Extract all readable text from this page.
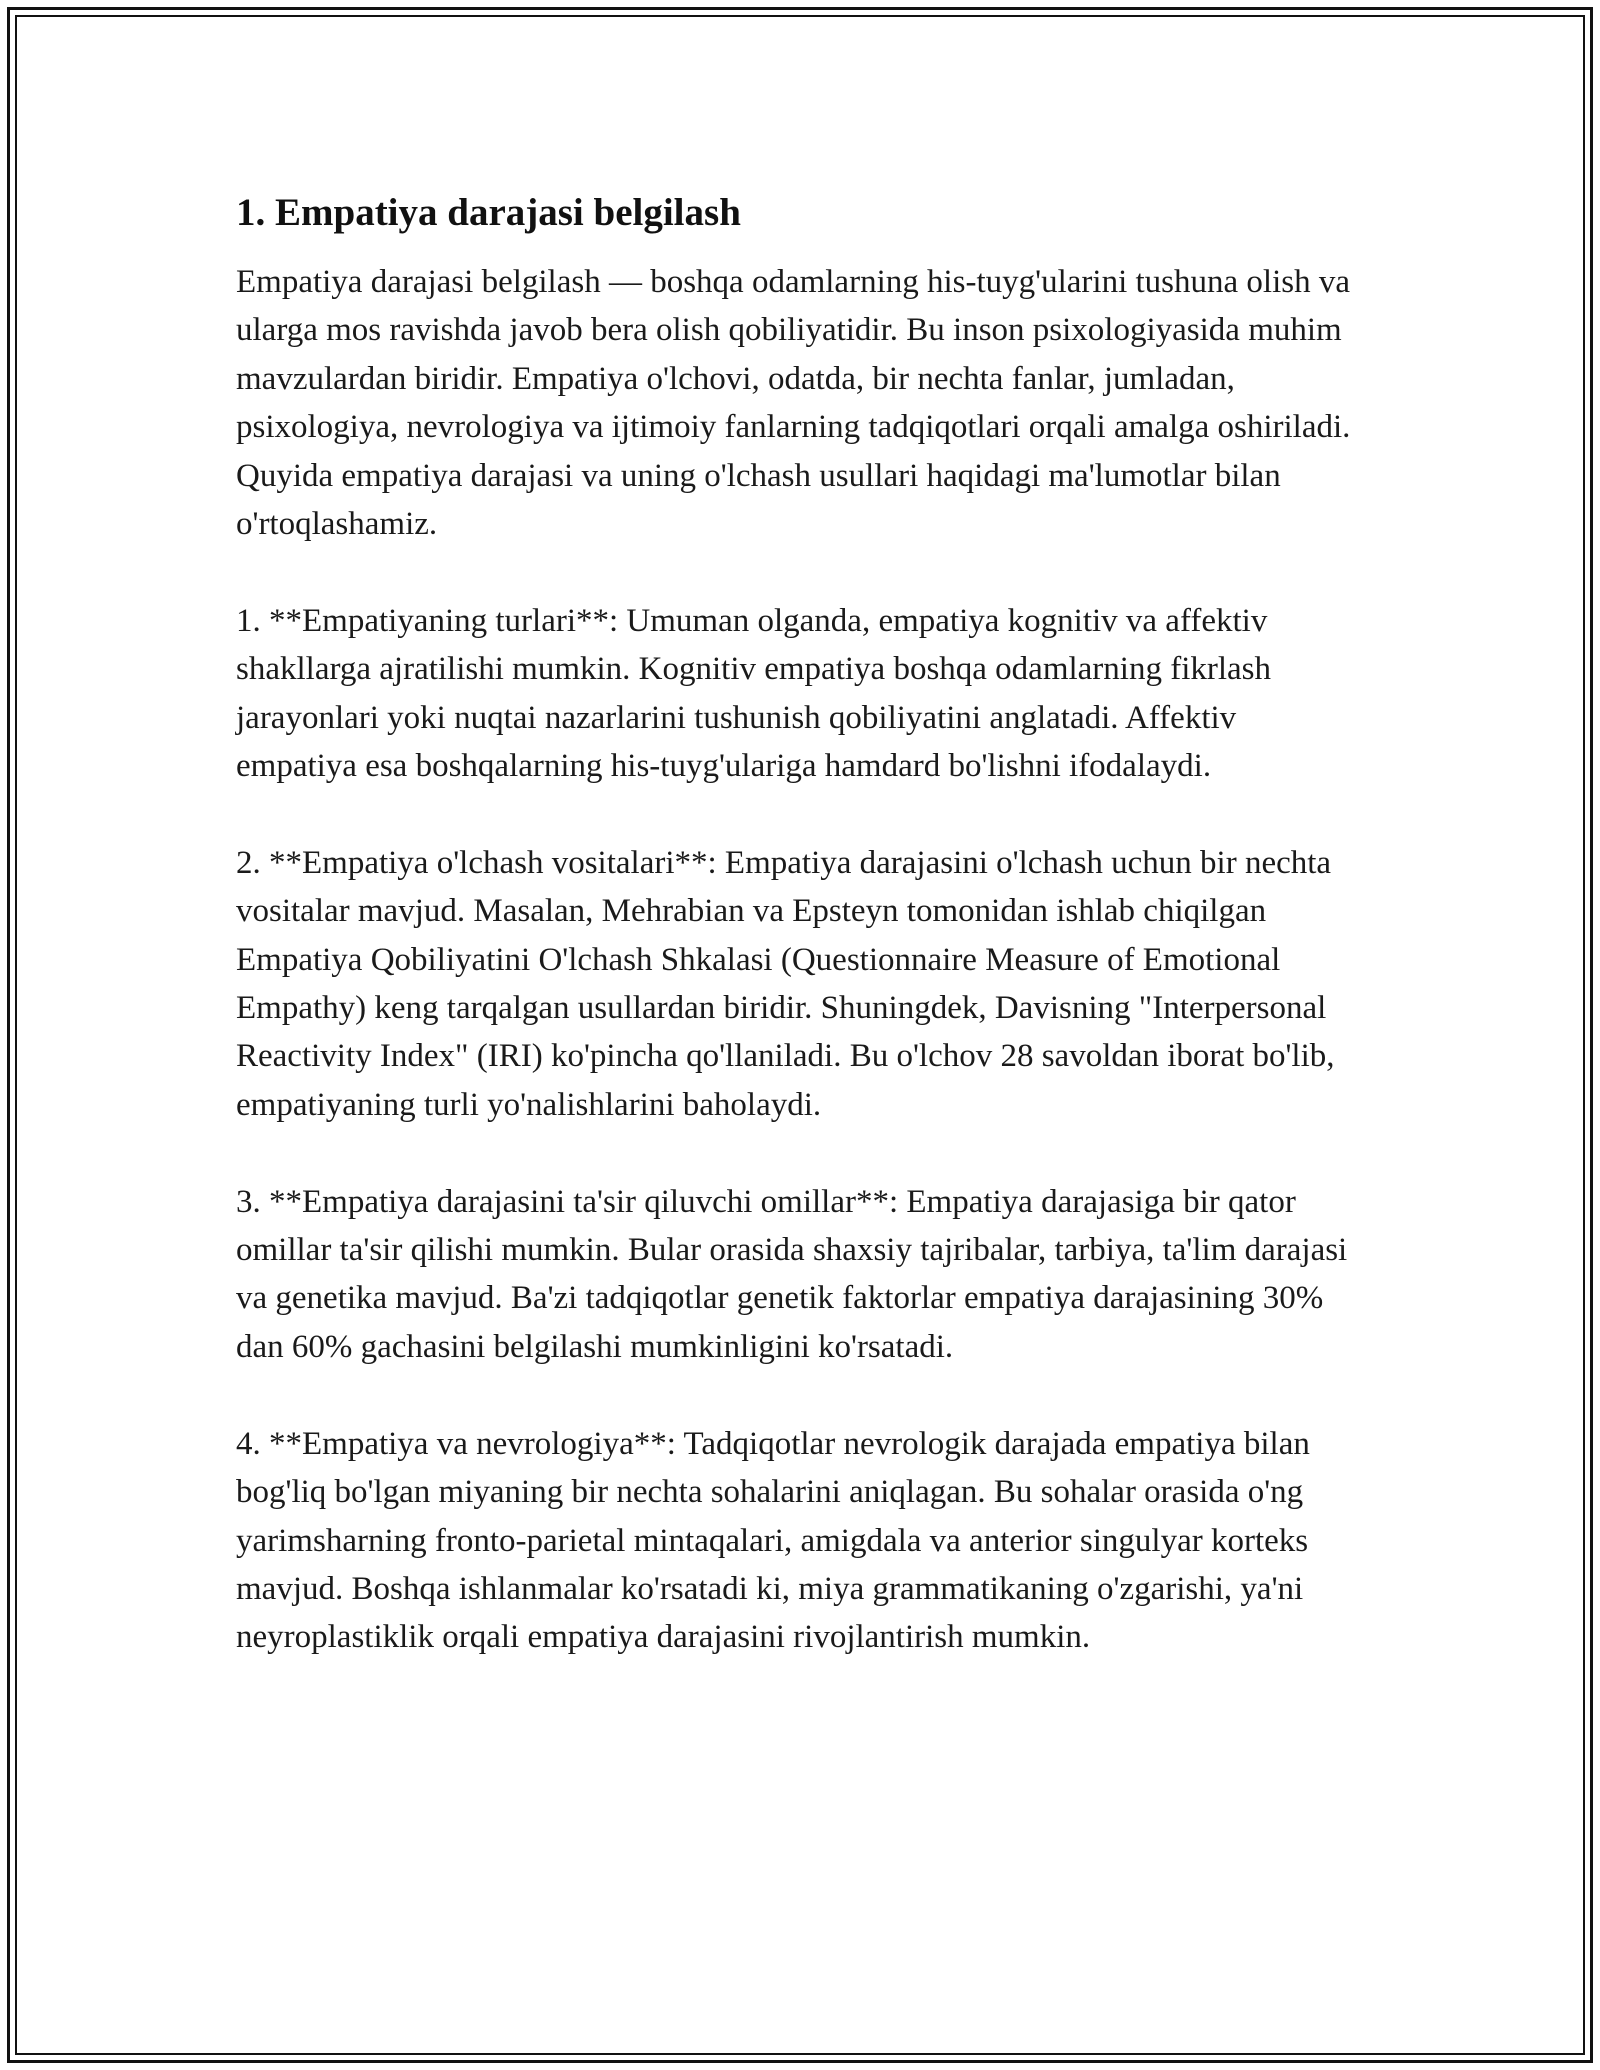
1. Empatiya darajasi belgilash

Empatiya darajasi belgilash — boshqa odamlarning his-tuyg'ularini tushuna olish va ularga mos ravishda javob bera olish qobiliyatidir. Bu inson psixologiyasida muhim mavzulardan biridir. Empatiya o'lchovi, odatda, bir nechta fanlar, jumladan, psixologiya, nevrologiya va ijtimoiy fanlarning tadqiqotlari orqali amalga oshiriladi. Quyida empatiya darajasi va uning o'lchash usullari haqidagi ma'lumotlar bilan o'rtoqlashamiz.

1. **Empatiyaning turlari**: Umuman olganda, empatiya kognitiv va affektiv shakllarga ajratilishi mumkin. Kognitiv empatiya boshqa odamlarning fikrlash jarayonlari yoki nuqtai nazarlarini tushunish qobiliyatini anglatadi. Affektiv empatiya esa boshqalarning his-tuyg'ulariga hamdard bo'lishni ifodalaydi.

2. **Empatiya o'lchash vositalari**: Empatiya darajasini o'lchash uchun bir nechta vositalar mavjud. Masalan, Mehrabian va Epsteyn tomonidan ishlab chiqilgan Empatiya Qobiliyatini O'lchash Shkalasi (Questionnaire Measure of Emotional Empathy) keng tarqalgan usullardan biridir. Shuningdek, Davisning "Interpersonal Reactivity Index" (IRI) ko'pincha qo'llaniladi. Bu o'lchov 28 savoldan iborat bo'lib, empatiyaning turli yo'nalishlarini baholaydi.

3. **Empatiya darajasini ta'sir qiluvchi omillar**: Empatiya darajasiga bir qator omillar ta'sir qilishi mumkin. Bular orasida shaxsiy tajribalar, tarbiya, ta'lim darajasi va genetika mavjud. Ba'zi tadqiqotlar genetik faktorlar empatiya darajasining 30% dan 60% gachasini belgilashi mumkinligini ko'rsatadi.

4. **Empatiya va nevrologiya**: Tadqiqotlar nevrologik darajada empatiya bilan bog'liq bo'lgan miyaning bir nechta sohalarini aniqlagan. Bu sohalar orasida o'ng yarimsharning fronto-parietal mintaqalari, amigdala va anterior singulyar korteks mavjud. Boshqa ishlanmalar ko'rsatadi ki, miya grammatikaning o'zgarishi, ya'ni neyroplastiklik orqali empatiya darajasini rivojlantirish mumkin.
